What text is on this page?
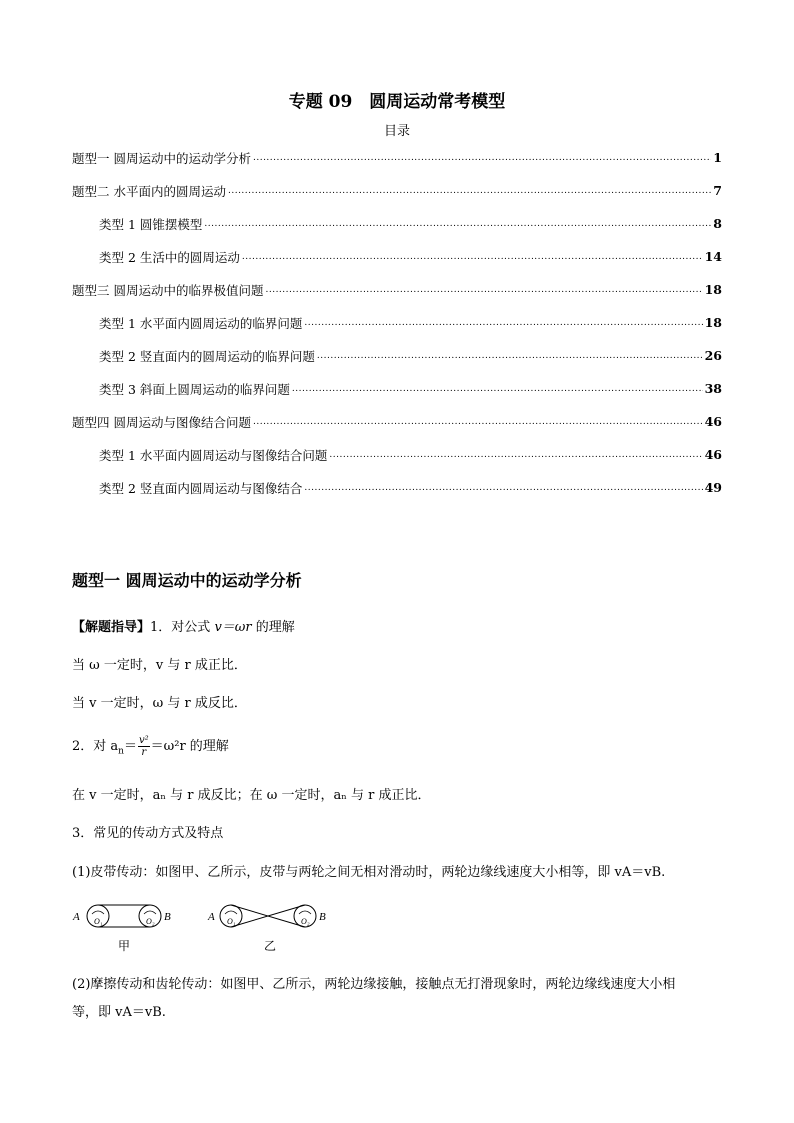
专题 09　圆周运动常考模型
目录
题型一 圆周运动中的运动学分析 .....	1
题型二 水平面内的圆周运动 .....	7
类型 1 圆锥摆模型 .....	8
类型 2 生活中的圆周运动 .....	14
题型三 圆周运动中的临界极值问题 .....	18
类型 1 水平面内圆周运动的临界问题 .....	18
类型 2 竖直面内的圆周运动的临界问题 .....	26
类型 3 斜面上圆周运动的临界问题 .....	38
题型四 圆周运动与图像结合问题 .....	46
类型 1 水平面内圆周运动与图像结合问题 .....	46
类型 2 竖直面内圆周运动与图像结合 .....	49
题型一 圆周运动中的运动学分析
【解题指导】1．对公式 v＝ωr 的理解
当 ω 一定时，v 与 r 成正比．
当 v 一定时，ω 与 r 成反比．
2．对 $a_n= \frac{\text{v²}}{r} =\omega^2r$ 的理解
在 v 一定时，aₙ 与 r 成反比；在 ω 一定时，aₙ 与 r 成正比．
3．常见的传动方式及特点
(1)皮带传动：如图甲、乙所示，皮带与两轮之间无相对滑动时，两轮边缘线速度大小相等，即 vA＝vB.
A	B
O₁	O₂
甲
A	B
O₁	O₂
乙
(2)摩擦传动和齿轮传动：如图甲、乙所示，两轮边缘接触，接触点无打滑现象时，两轮边缘线速度大小相
等，即 vA＝vB.
